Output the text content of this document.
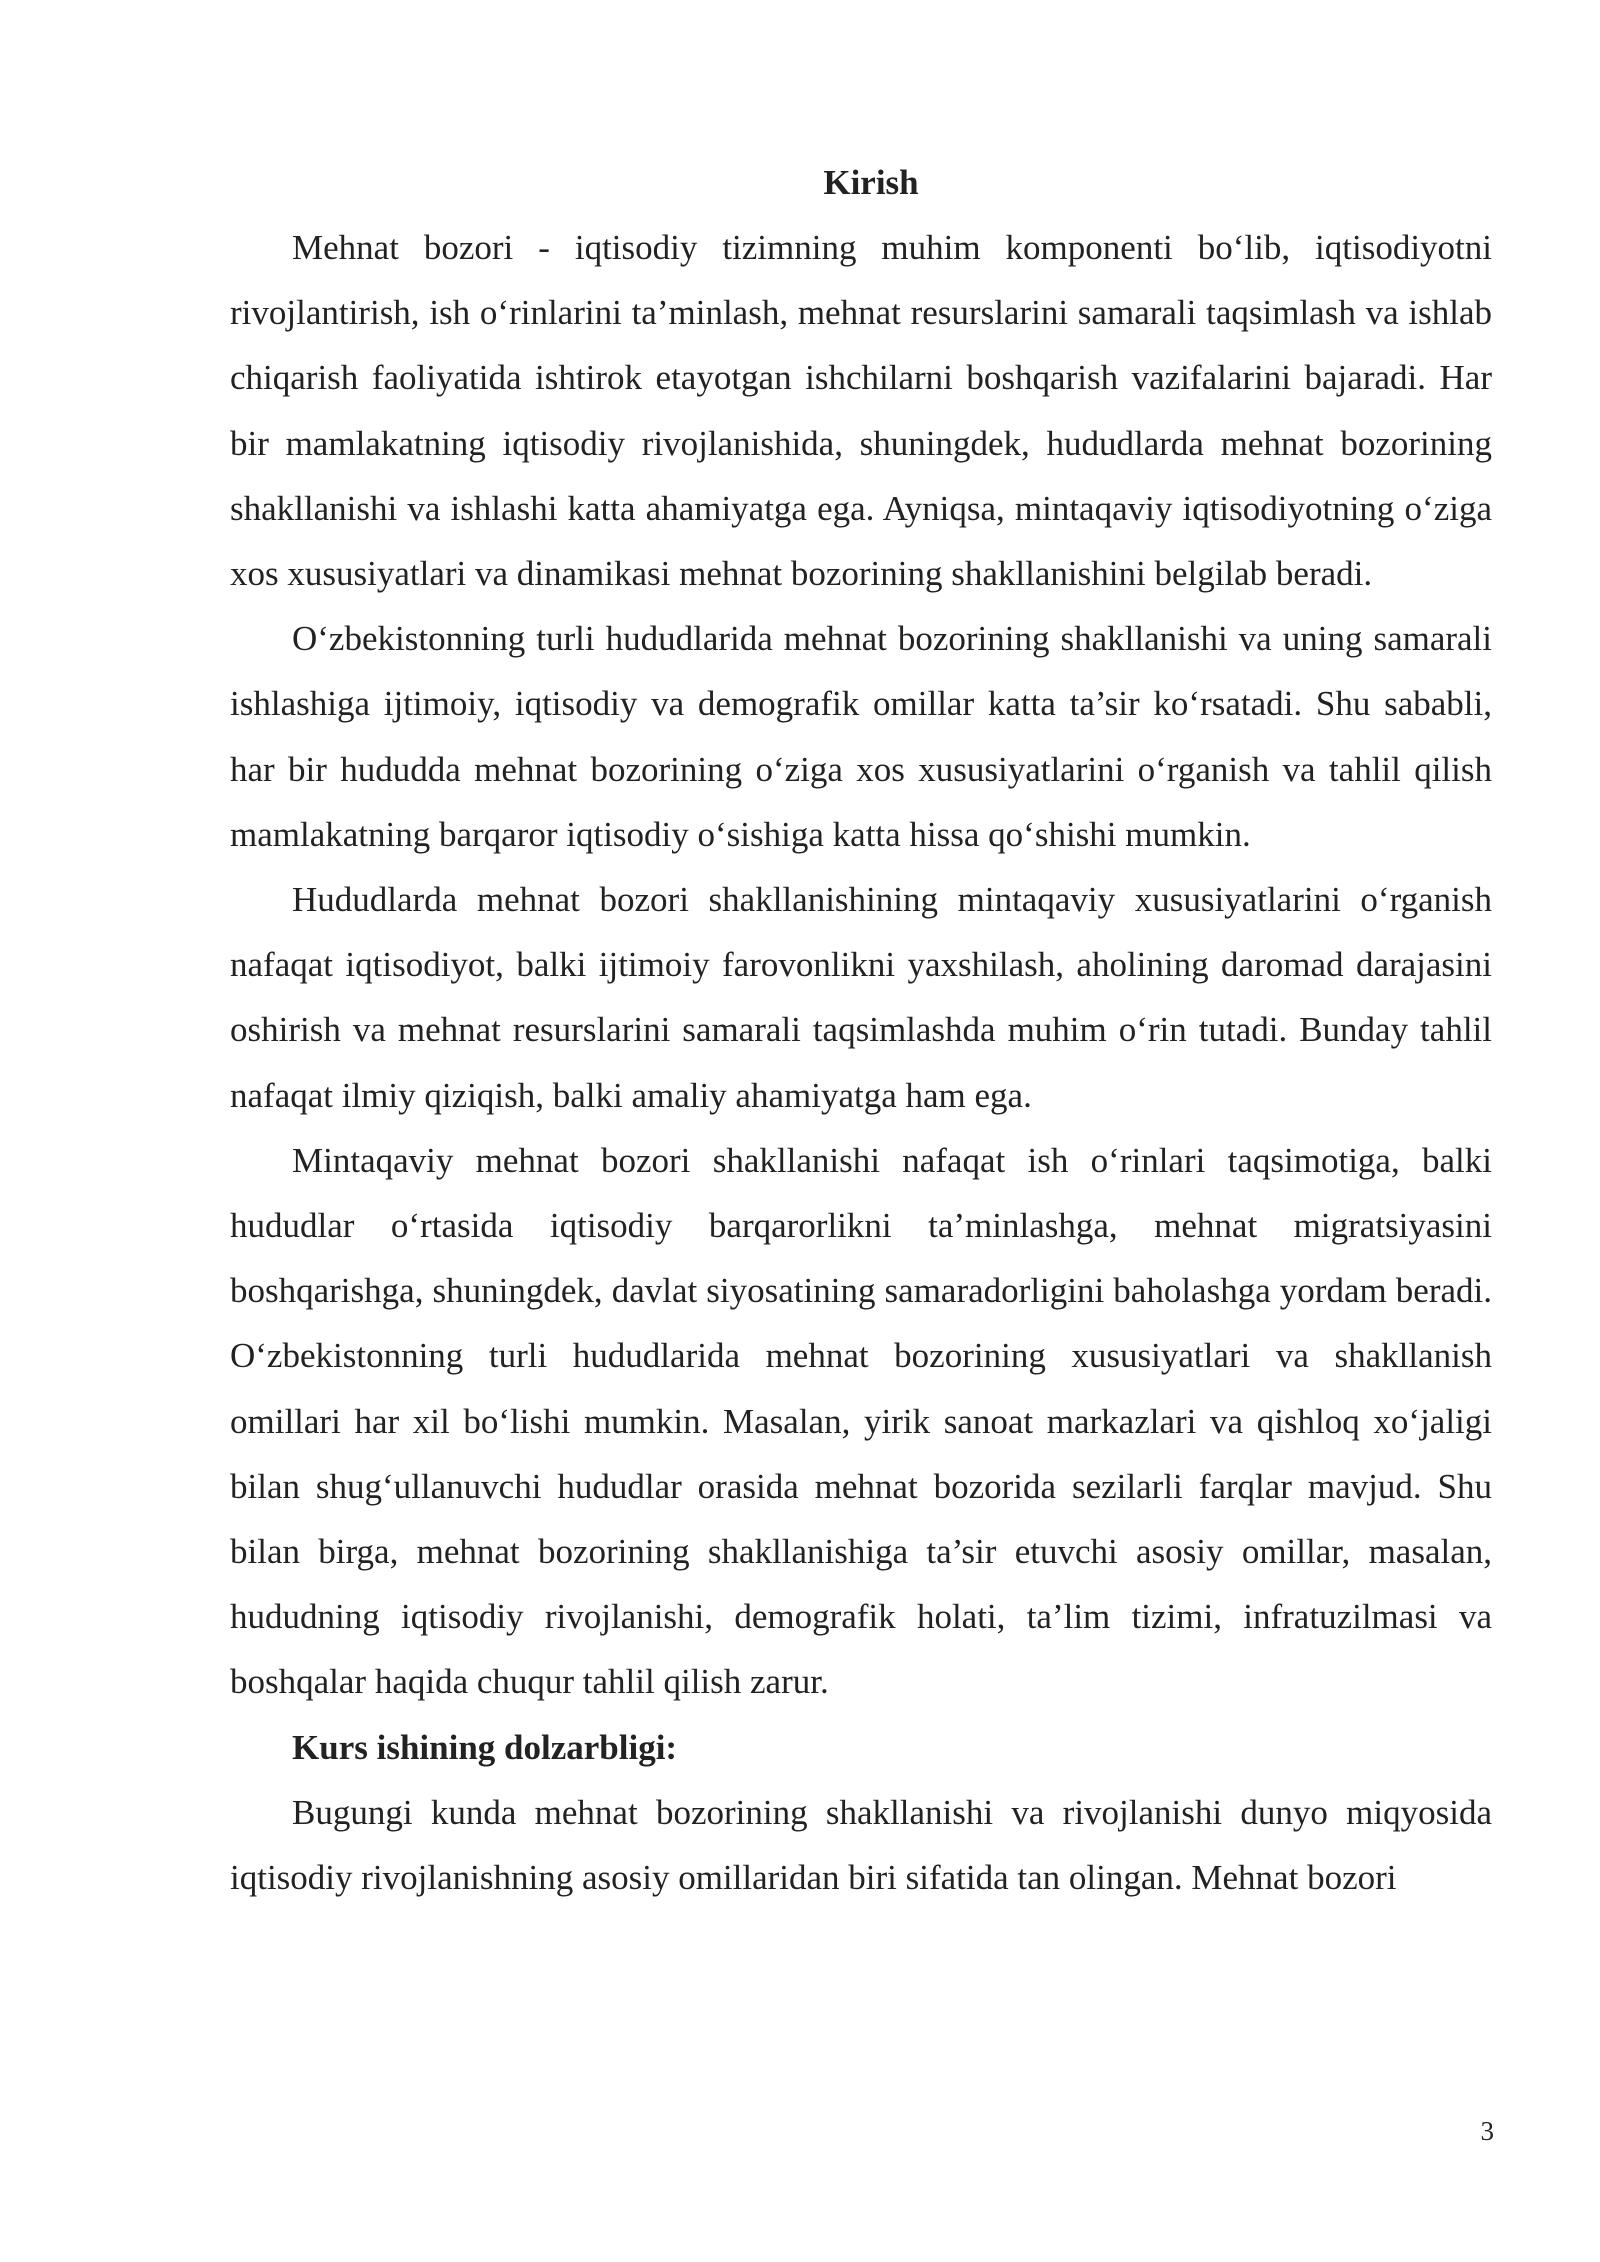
Kirish

Mehnat bozori - iqtisodiy tizimning muhim komponenti bo‘lib, iqtisodiyotni rivojlantirish, ish o‘rinlarini ta’minlash, mehnat resurslarini samarali taqsimlash va ishlab chiqarish faoliyatida ishtirok etayotgan ishchilarni boshqarish vazifalarini bajaradi. Har bir mamlakatning iqtisodiy rivojlanishida, shuningdek, hududlarda mehnat bozorining shakllanishi va ishlashi katta ahamiyatga ega. Ayniqsa, mintaqaviy iqtisodiyotning o‘ziga xos xususiyatlari va dinamikasi mehnat bozorining shakllanishini belgilab beradi.

O‘zbekistonning turli hududlarida mehnat bozorining shakllanishi va uning samarali ishlashiga ijtimoiy, iqtisodiy va demografik omillar katta ta’sir ko‘rsatadi. Shu sababli, har bir hududda mehnat bozorining o‘ziga xos xususiyatlarini o‘rganish va tahlil qilish mamlakatning barqaror iqtisodiy o‘sishiga katta hissa qo‘shishi mumkin.

Hududlarda mehnat bozori shakllanishining mintaqaviy xususiyatlarini o‘rganish nafaqat iqtisodiyot, balki ijtimoiy farovonlikni yaxshilash, aholining daromad darajasini oshirish va mehnat resurslarini samarali taqsimlashda muhim o‘rin tutadi. Bunday tahlil nafaqat ilmiy qiziqish, balki amaliy ahamiyatga ham ega.

Mintaqaviy mehnat bozori shakllanishi nafaqat ish o‘rinlari taqsimotiga, balki hududlar o‘rtasida iqtisodiy barqarorlikni ta’minlashga, mehnat migratsiyasini boshqarishga, shuningdek, davlat siyosatining samaradorligini baholashga yordam beradi. O‘zbekistonning turli hududlarida mehnat bozorining xususiyatlari va shakllanish omillari har xil bo‘lishi mumkin. Masalan, yirik sanoat markazlari va qishloq xo‘jaligi bilan shug‘ullanuvchi hududlar orasida mehnat bozorida sezilarli farqlar mavjud. Shu bilan birga, mehnat bozorining shakllanishiga ta’sir etuvchi asosiy omillar, masalan, hududning iqtisodiy rivojlanishi, demografik holati, ta’lim tizimi, infratuzilmasi va boshqalar haqida chuqur tahlil qilish zarur.

Kurs ishining dolzarbligi:

Bugungi kunda mehnat bozorining shakllanishi va rivojlanishi dunyo miqyosida iqtisodiy rivojlanishning asosiy omillaridan biri sifatida tan olingan. Mehnat bozori

3
